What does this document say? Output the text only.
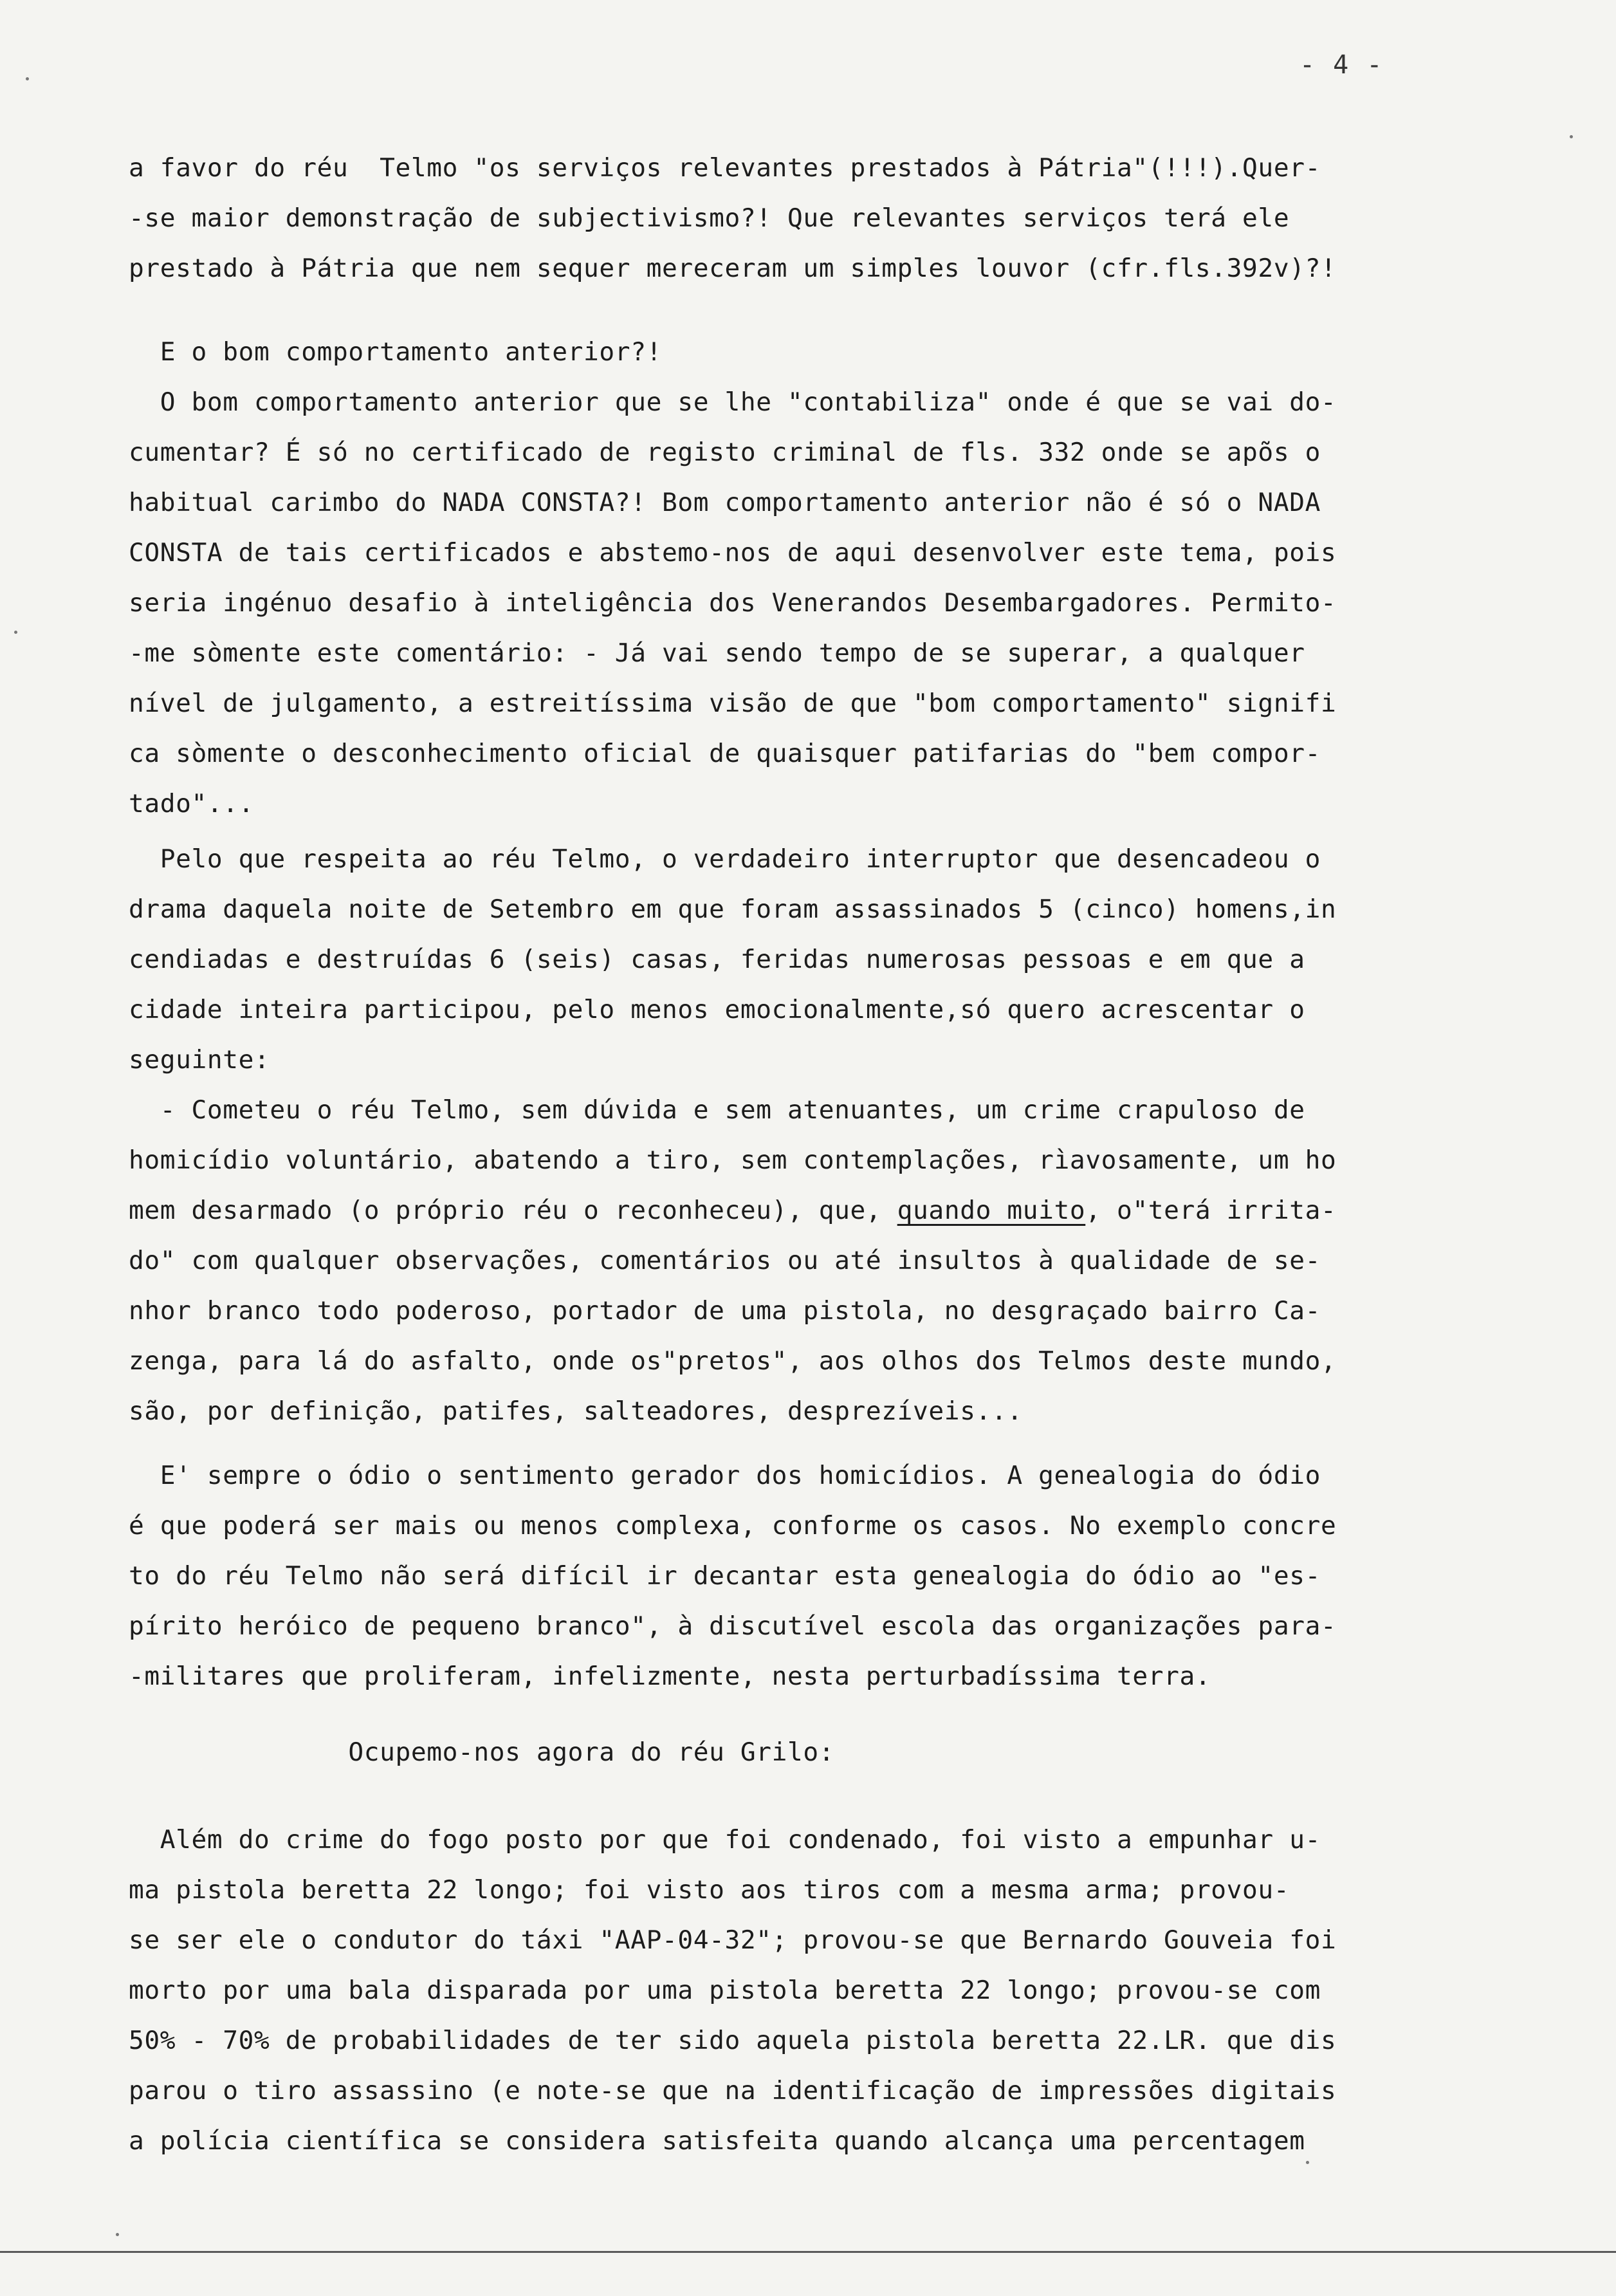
- 4 -
a favor do réu  Telmo "os serviços relevantes prestados à Pátria"(!!!).Quer-
-se maior demonstração de subjectivismo?! Que relevantes serviços terá ele
prestado à Pátria que nem sequer mereceram um simples louvor (cfr.fls.392v)?!
E o bom comportamento anterior?!
O bom comportamento anterior que se lhe "contabiliza" onde é que se vai do-
cumentar? É só no certificado de registo criminal de fls. 332 onde se apõs o
habitual carimbo do NADA CONSTA?! Bom comportamento anterior não é só o NADA
CONSTA de tais certificados e abstemo-nos de aqui desenvolver este tema, pois
seria ingénuo desafio à inteligência dos Venerandos Desembargadores. Permito-
-me sòmente este comentário: - Já vai sendo tempo de se superar, a qualquer
nível de julgamento, a estreitíssima visão de que "bom comportamento" signifi
ca sòmente o desconhecimento oficial de quaisquer patifarias do "bem compor-
tado"...
Pelo que respeita ao réu Telmo, o verdadeiro interruptor que desencadeou o
drama daquela noite de Setembro em que foram assassinados 5 (cinco) homens,in
cendiadas e destruídas 6 (seis) casas, feridas numerosas pessoas e em que a
cidade inteira participou, pelo menos emocionalmente,só quero acrescentar o
seguinte:
- Cometeu o réu Telmo, sem dúvida e sem atenuantes, um crime crapuloso de
homicídio voluntário, abatendo a tiro, sem contemplações, rìavosamente, um ho
mem desarmado (o próprio réu o reconheceu), que, quando muito, o"terá irrita-
do" com qualquer observações, comentários ou até insultos à qualidade de se-
nhor branco todo poderoso, portador de uma pistola, no desgraçado bairro Ca-
zenga, para lá do asfalto, onde os"pretos", aos olhos dos Telmos deste mundo,
são, por definição, patifes, salteadores, desprezíveis...
E' sempre o ódio o sentimento gerador dos homicídios. A genealogia do ódio
é que poderá ser mais ou menos complexa, conforme os casos. No exemplo concre
to do réu Telmo não será difícil ir decantar esta genealogia do ódio ao "es-
pírito heróico de pequeno branco", à discutível escola das organizações para-
-militares que proliferam, infelizmente, nesta perturbadíssima terra.
Ocupemo-nos agora do réu Grilo:
Além do crime do fogo posto por que foi condenado, foi visto a empunhar u-
ma pistola beretta 22 longo; foi visto aos tiros com a mesma arma; provou-
se ser ele o condutor do táxi "AAP-04-32"; provou-se que Bernardo Gouveia foi
morto por uma bala disparada por uma pistola beretta 22 longo; provou-se com
50% - 70% de probabilidades de ter sido aquela pistola beretta 22.LR. que dis
parou o tiro assassino (e note-se que na identificação de impressões digitais
a polícia científica se considera satisfeita quando alcança uma percentagem
